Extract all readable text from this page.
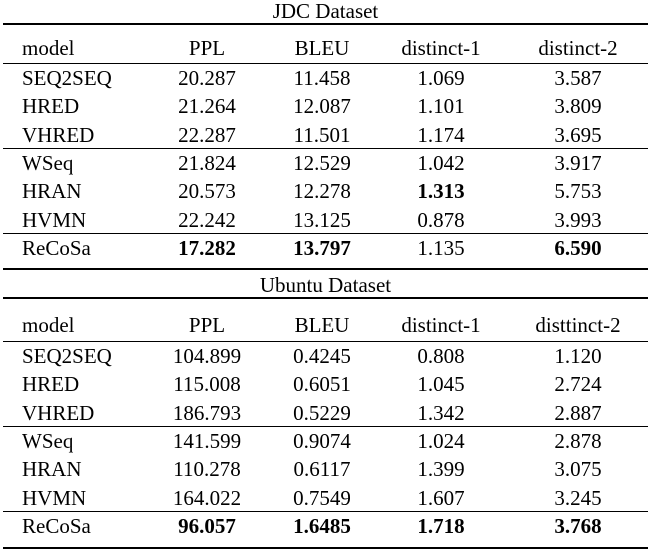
JDC Dataset
model	PPL	BLEU	distinct-1	distinct-2
SEQ2SEQ	20.287	11.458	1.069	3.587
HRED	21.264	12.087	1.101	3.809
VHRED	22.287	11.501	1.174	3.695
WSeq	21.824	12.529	1.042	3.917
HRAN	20.573	12.278	1.313	5.753
HVMN	22.242	13.125	0.878	3.993
ReCoSa	17.282	13.797	1.135	6.590
Ubuntu Dataset
model	PPL	BLEU	distinct-1	disttinct-2
SEQ2SEQ	104.899	0.4245	0.808	1.120
HRED	115.008	0.6051	1.045	2.724
VHRED	186.793	0.5229	1.342	2.887
WSeq	141.599	0.9074	1.024	2.878
HRAN	110.278	0.6117	1.399	3.075
HVMN	164.022	0.7549	1.607	3.245
ReCoSa	96.057	1.6485	1.718	3.768
